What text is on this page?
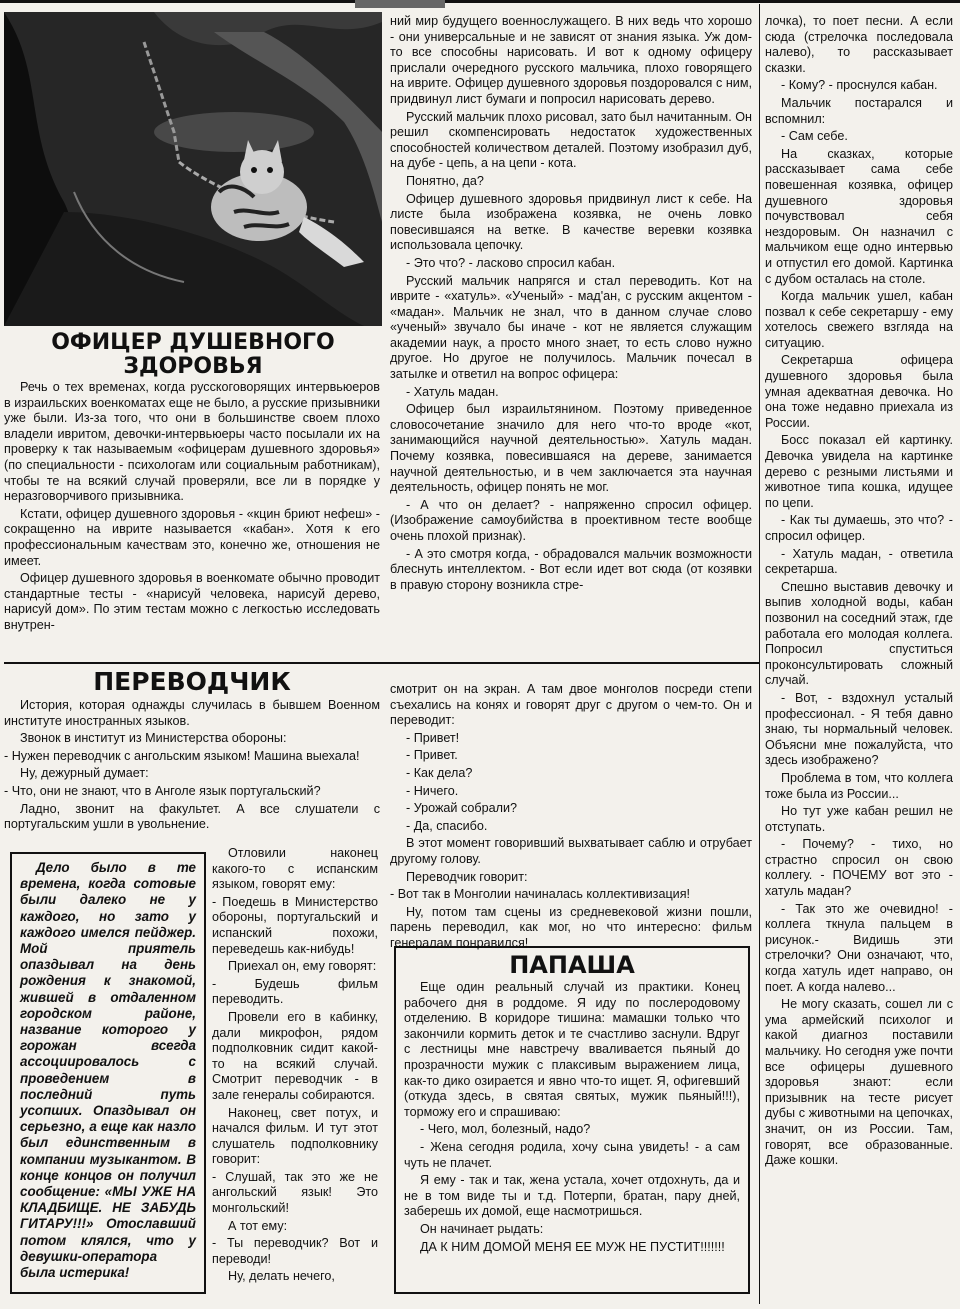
ОФИЦЕР ДУШЕВНОГО
ЗДОРОВЬЯ

Речь о тех временах, когда русскоговорящих интервьюеров в израильских военкоматах еще не было, а русские призывники уже были. Из-за того, что они в большинстве своем плохо владели ивритом, девочки-интервьюеры часто посылали их на проверку к так называемым «офицерам душевного здоровья» (по специальности - психологам или социальным работникам), чтобы те на всякий случай проверяли, все ли в порядке у неразговорчивого призывника.

Кстати, офицер душевного здоровья - «кцин бриют нефеш» - сокращенно на иврите называется «кабан». Хотя к его профессиональным качествам это, конечно же, отношения не имеет.

Офицер душевного здоровья в военкомате обычно проводит стандартные тесты - «нарисуй человека, нарисуй дерево, нарисуй дом». По этим тестам можно с легкостью исследовать внутрен-

ний мир будущего военнослужащего. В них ведь что хорошо - они универсальные и не зависят от знания языка. Уж дом-то все способны нарисовать. И вот к одному офицеру прислали очередного русского мальчика, плохо говорящего на иврите. Офицер душевного здоровья поздоровался с ним, придвинул лист бумаги и попросил нарисовать дерево.

Русский мальчик плохо рисовал, зато был начитанным. Он решил скомпенсировать недостаток художественных способностей количеством деталей. Поэтому изобразил дуб, на дубе - цепь, а на цепи - кота.

Понятно, да?

Офицер душевного здоровья придвинул лист к себе. На листе была изображена козявка, не очень ловко повесившаяся на ветке. В качестве веревки козявка использовала цепочку.

- Это что? - ласково спросил кабан.

Русский мальчик напрягся и стал переводить. Кот на иврите - «хатуль». «Ученый» - мад'ан, с русским акцентом - «мадан». Мальчик не знал, что в данном случае слово «ученый» звучало бы иначе - кот не является служащим академии наук, а просто много знает, то есть слово нужно другое. Но другое не получилось. Мальчик почесал в затылке и ответил на вопрос офицера:

- Хатуль мадан.

Офицер был израильтянином. Поэтому приведенное словосочетание значило для него что-то вроде «кот, занимающийся научной деятельностью». Хатуль мадан. Почему козявка, повесившаяся на дереве, занимается научной деятельностью, и в чем заключается эта научная деятельность, офицер понять не мог.

- А что он делает? - напряженно спросил офицер. (Изображение самоубийства в проективном тесте вообще очень плохой признак).

- А это смотря когда, - обрадовался мальчик возможности блеснуть интеллектом. - Вот если идет вот сюда (от козявки в правую сторону возникла стре-

лочка), то поет песни. А если сюда (стрелочка последовала налево), то рассказывает сказки.

- Кому? - проснулся кабан.

Мальчик постарался и вспомнил:

- Сам себе.

На сказках, которые рассказывает сама себе повешенная козявка, офицер душевного здоровья почувствовал себя нездоровым. Он назначил с мальчиком еще одно интервью и отпустил его домой. Картинка с дубом осталась на столе.

Когда мальчик ушел, кабан позвал к себе секретаршу - ему хотелось свежего взгляда на ситуацию.

Секретарша офицера душевного здоровья была умная адекватная девочка. Но она тоже недавно приехала из России.

Босс показал ей картинку. Девочка увидела на картинке дерево с резными листьями и животное типа кошка, идущее по цепи.

- Как ты думаешь, это что? - спросил офицер.

- Хатуль мадан, - ответила секретарша.

Спешно выставив девочку и выпив холодной воды, кабан позвонил на соседний этаж, где работала его молодая коллега. Попросил спуститься проконсультировать сложный случай.

- Вот, - вздохнул усталый профессионал. - Я тебя давно знаю, ты нормальный человек. Объясни мне пожалуйста, что здесь изображено?

Проблема в том, что коллега тоже была из России...

Но тут уже кабан решил не отступать.

- Почему? - тихо, но страстно спросил он свою коллегу. - ПОЧЕМУ вот это - хатуль мадан?

- Так это же очевидно! - коллега ткнула пальцем в рисунок.- Видишь эти стрелочки? Они означают, что, когда хатуль идет направо, он поет. А когда налево...

Не могу сказать, сошел ли с ума армейский психолог и какой диагноз поставили мальчику. Но сегодня уже почти все офицеры душевного здоровья знают: если призывник на тесте рисует дубы с животными на цепочках, значит, он из России. Там, говорят, все образованные. Даже кошки.

ПЕРЕВОДЧИК

История, которая однажды случилась в бывшем Военном институте иностранных языков.

Звонок в институт из Министерства обороны:

- Нужен переводчик с ангольским языком! Машина выехала!

Ну, дежурный думает:

- Что, они не знают, что в Анголе язык португальский?

Ладно, звонит на факультет. А все слушатели с португальским ушли в увольнение.

Дело было в те времена, когда сотовые были далеко не у каждого, но зато у каждого имелся пейджер. Мой приятель опаздывал на день рождения к знакомой, жившей в отдаленном городском районе, название которого у горожан всегда ассоциировалось с проведением в последний путь усопших. Опаздывал он серьезно, а еще как назло был единственным в компании музыкантом. В конце концов он получил сообщение: «МЫ УЖЕ НА КЛАДБИЩЕ. НЕ ЗАБУДЬ ГИТАРУ!!!» Отославший потом клялся, что у девушки-оператора была истерика!

Отловили наконец какого-то с испанским языком, говорят ему:

- Поедешь в Министерство обороны, португальский и испанский похожи, переведешь как-нибудь!

Приехал он, ему говорят:

- Будешь фильм переводить.

Провели его в кабинку, дали микрофон, рядом подполковник сидит какой-то на всякий случай. Смотрит переводчик - в зале генералы собираются.

Наконец, свет потух, и начался фильм. И тут этот слушатель подполковнику говорит:

- Слушай, так это же не ангольский язык! Это монгольский!

А тот ему:

- Ты переводчик? Вот и переводи!

Ну, делать нечего,

смотрит он на экран. А там двое монголов посреди степи съехались на конях и говорят друг с другом о чем-то. Он и переводит:

- Привет!

- Привет.

- Как дела?

- Ничего.

- Урожай собрали?

- Да, спасибо.

В этот момент говоривший выхватывает саблю и отрубает другому голову.

Переводчик говорит:

- Вот так в Монголии начиналась коллективизация!

Ну, потом там сцены из средневековой жизни пошли, парень переводил, как мог, но что интересно: фильм генералам понравился!

ПАПАША

Еще один реальный случай из практики. Конец рабочего дня в роддоме. Я иду по послеродовому отделению. В коридоре тишина: мамашки только что закончили кормить деток и те счастливо заснули. Вдруг с лестницы мне навстречу вваливается пьяный до прозрачности мужик с плаксивым выражением лица, как-то дико озирается и явно что-то ищет. Я, офигевший (откуда здесь, в святая святых, мужик пьяный!!!), торможу его и спрашиваю:

- Чего, мол, болезный, надо?

- Жена сегодня родила, хочу сына увидеть! - а сам чуть не плачет.

Я ему - так и так, жена устала, хочет отдохнуть, да и не в том виде ты и т.д. Потерпи, братан, пару дней, заберешь их домой, еще насмотришься.

Он начинает рыдать:

ДА К НИМ ДОМОЙ МЕНЯ ЕЕ МУЖ НЕ ПУСТИТ!!!!!!!
